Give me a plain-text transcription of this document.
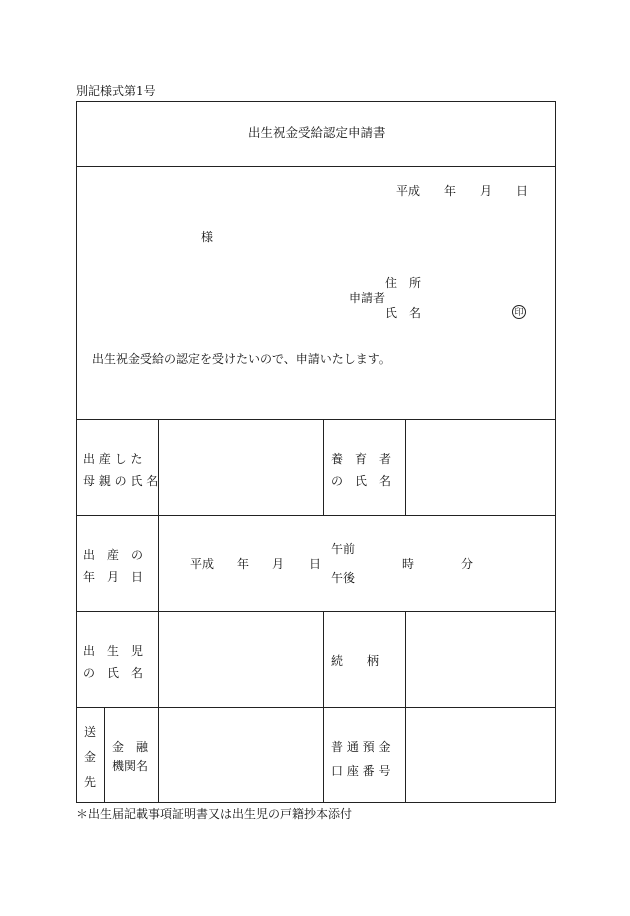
別記様式第1号
出生祝金受給認定申請書
平成 年 月 日
様
住　所
申請者
氏　名	印
出生祝金受給の認定を受けたいので、申請いたします。
出 産 し た
母 親 の 氏 名
養　育　者
の　氏　名
出　産　の
年　月　日
平成 年 月 日
午前
午後
時	分
出　生　児
の　氏　名
続　　柄
送
金
先
金　融
機関名
普 通 預 金
口 座 番 号
＊出生届記載事項証明書又は出生児の戸籍抄本添付
